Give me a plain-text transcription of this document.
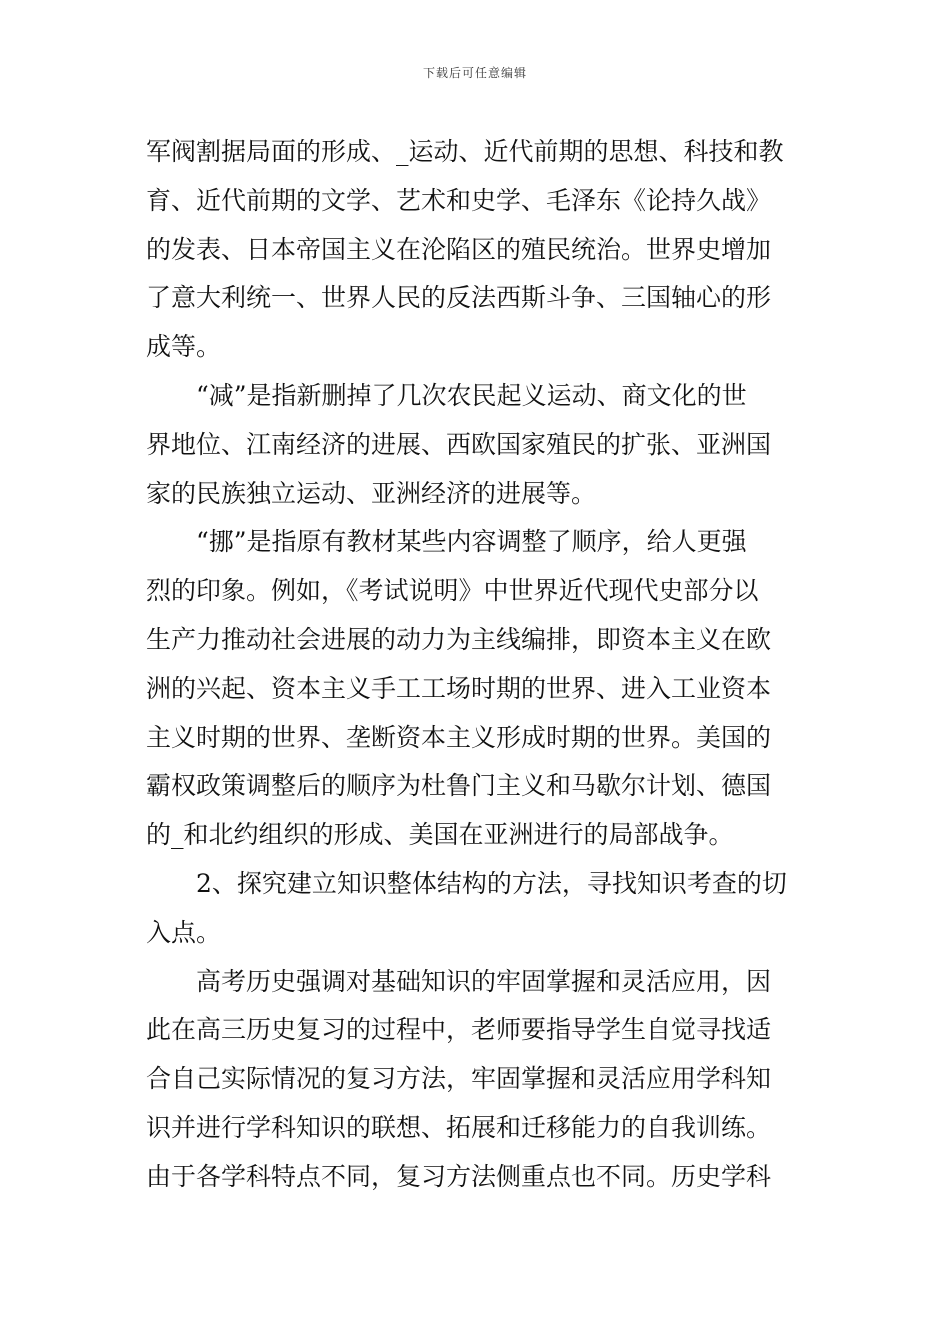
下载后可任意编辑
军阀割据局面的形成、_运动、近代前期的思想、科技和教
育、近代前期的文学、艺术和史学、毛泽东《论持久战》
的发表、日本帝国主义在沦陷区的殖民统治。世界史增加
了意大利统一、世界人民的反法西斯斗争、三国轴心的形
成等。
“减”是指新删掉了几次农民起义运动、商文化的世
界地位、江南经济的进展、西欧国家殖民的扩张、亚洲国
家的民族独立运动、亚洲经济的进展等。
“挪”是指原有教材某些内容调整了顺序，给人更强
烈的印象。例如，《考试说明》中世界近代现代史部分以
生产力推动社会进展的动力为主线编排，即资本主义在欧
洲的兴起、资本主义手工工场时期的世界、进入工业资本
主义时期的世界、垄断资本主义形成时期的世界。美国的
霸权政策调整后的顺序为杜鲁门主义和马歇尔计划、德国
的_和北约组织的形成、美国在亚洲进行的局部战争。
2、探究建立知识整体结构的方法，寻找知识考查的切
入点。
高考历史强调对基础知识的牢固掌握和灵活应用，因
此在高三历史复习的过程中，老师要指导学生自觉寻找适
合自己实际情况的复习方法，牢固掌握和灵活应用学科知
识并进行学科知识的联想、拓展和迁移能力的自我训练。
由于各学科特点不同，复习方法侧重点也不同。历史学科
